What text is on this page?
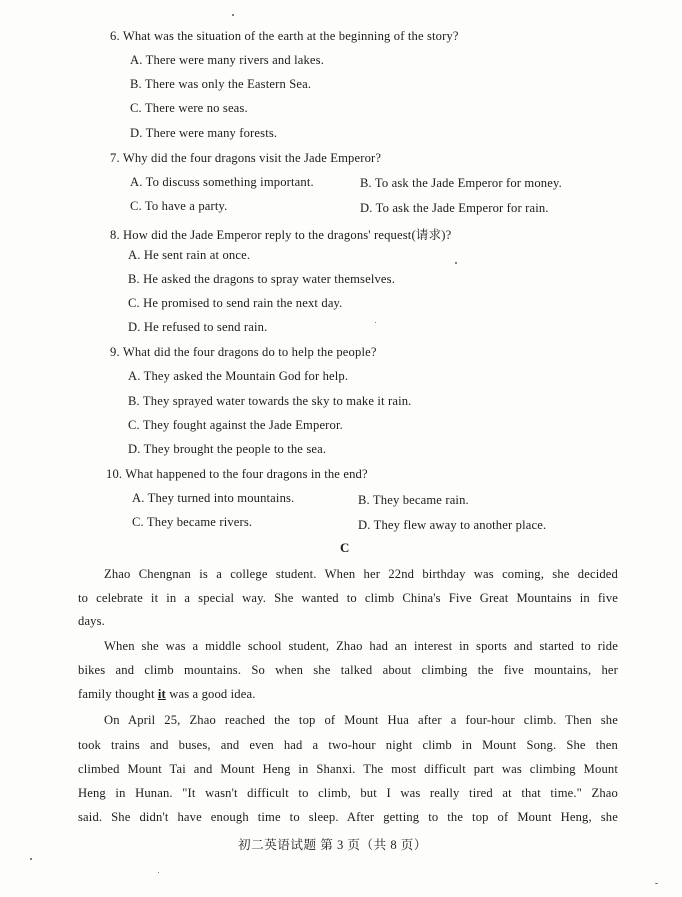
6. What was the situation of the earth at the beginning of the story?
A. There were many rivers and lakes.
B. There was only the Eastern Sea.
C. There were no seas.
D. There were many forests.
7. Why did the four dragons visit the Jade Emperor?
A. To discuss something important.	B. To ask the Jade Emperor for money.
C. To have a party.	D. To ask the Jade Emperor for rain.
8. How did the Jade Emperor reply to the dragons' request(请求)?
A. He sent rain at once.
B. He asked the dragons to spray water themselves.
C. He promised to send rain the next day.
D. He refused to send rain.
9. What did the four dragons do to help the people?
A. They asked the Mountain God for help.
B. They sprayed water towards the sky to make it rain.
C. They fought against the Jade Emperor.
D. They brought the people to the sea.
10. What happened to the four dragons in the end?
A. They turned into mountains.	B. They became rain.
C. They became rivers.	D. They flew away to another place.
C
Zhao Chengnan is a college student. When her 22nd birthday was coming, she decided
to celebrate it in a special way. She wanted to climb China's Five Great Mountains in five
days.
When she was a middle school student, Zhao had an interest in sports and started to ride
bikes and climb mountains. So when she talked about climbing the five mountains, her
family thought it was a good idea.
On April 25, Zhao reached the top of Mount Hua after a four-hour climb. Then she
took trains and buses, and even had a two-hour night climb in Mount Song. She then
climbed Mount Tai and Mount Heng in Shanxi. The most difficult part was climbing Mount
Heng in Hunan. "It wasn't difficult to climb, but I was really tired at that time." Zhao
said. She didn't have enough time to sleep. After getting to the top of Mount Heng, she
初二英语试题 第 3 页（共 8 页）
